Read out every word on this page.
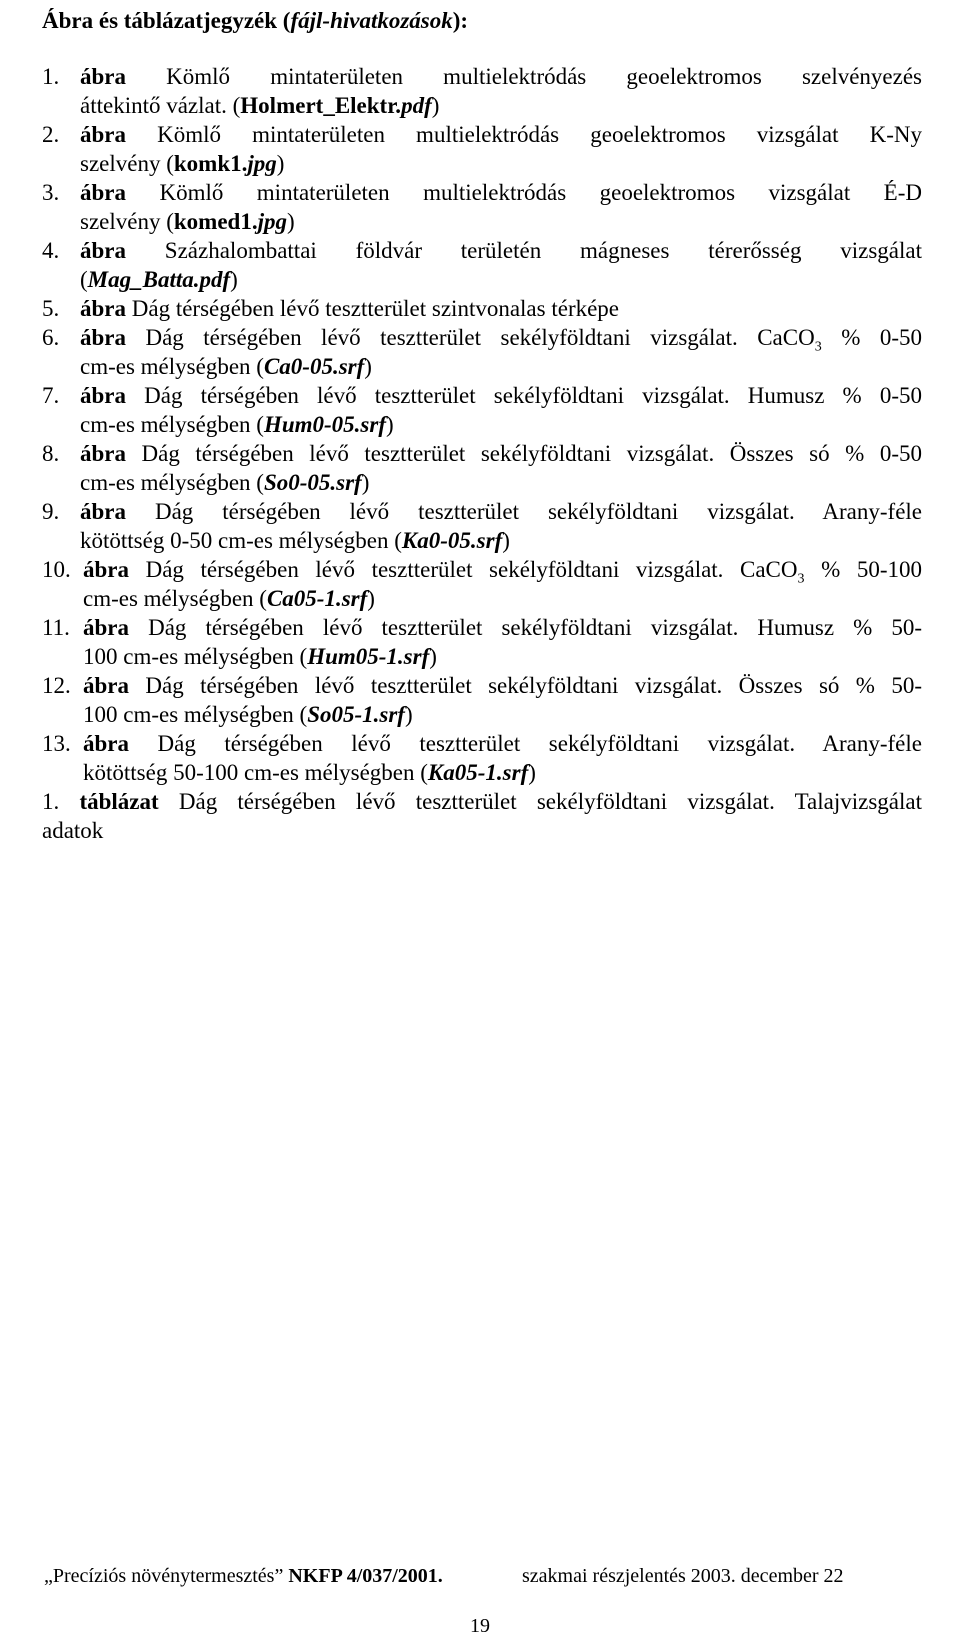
Ábra és táblázatjegyzék (fájl-hivatkozások):
1. ábra Kömlő mintaterületen multielektródás geoelektromos szelvényezés
áttekintő vázlat. (Holmert_Elektr.pdf)
2. ábra Kömlő mintaterületen multielektródás geoelektromos vizsgálat K-Ny
szelvény (komk1.jpg)
3. ábra Kömlő mintaterületen multielektródás geoelektromos vizsgálat É-D
szelvény (komed1.jpg)
4. ábra Százhalombattai földvár területén mágneses térerősség vizsgálat
(Mag_Batta.pdf)
5. ábra Dág térségében lévő tesztterület szintvonalas térképe
6. ábra Dág térségében lévő tesztterület sekélyföldtani vizsgálat. CaCO$_3$ % 0-50
cm-es mélységben (Ca0-05.srf)
7. ábra Dág térségében lévő tesztterület sekélyföldtani vizsgálat. Humusz % 0-50
cm-es mélységben (Hum0-05.srf)
8. ábra Dág térségében lévő tesztterület sekélyföldtani vizsgálat. Összes só % 0-50
cm-es mélységben (So0-05.srf)
9. ábra Dág térségében lévő tesztterület sekélyföldtani vizsgálat. Arany-féle
kötöttség 0-50 cm-es mélységben (Ka0-05.srf)
10. ábra Dág térségében lévő tesztterület sekélyföldtani vizsgálat. CaCO$_3$ % 50-100
cm-es mélységben (Ca05-1.srf)
11. ábra Dág térségében lévő tesztterület sekélyföldtani vizsgálat. Humusz % 50-
100 cm-es mélységben (Hum05-1.srf)
12. ábra Dág térségében lévő tesztterület sekélyföldtani vizsgálat. Összes só % 50-
100 cm-es mélységben (So05-1.srf)
13. ábra Dág térségében lévő tesztterület sekélyföldtani vizsgálat. Arany-féle
kötöttség 50-100 cm-es mélységben (Ka05-1.srf)
1. táblázat Dág térségében lévő tesztterület sekélyföldtani vizsgálat. Talajvizsgálat
adatok
„Precíziós növénytermesztés” NKFP 4/037/2001.	szakmai részjelentés 2003. december 22
19
